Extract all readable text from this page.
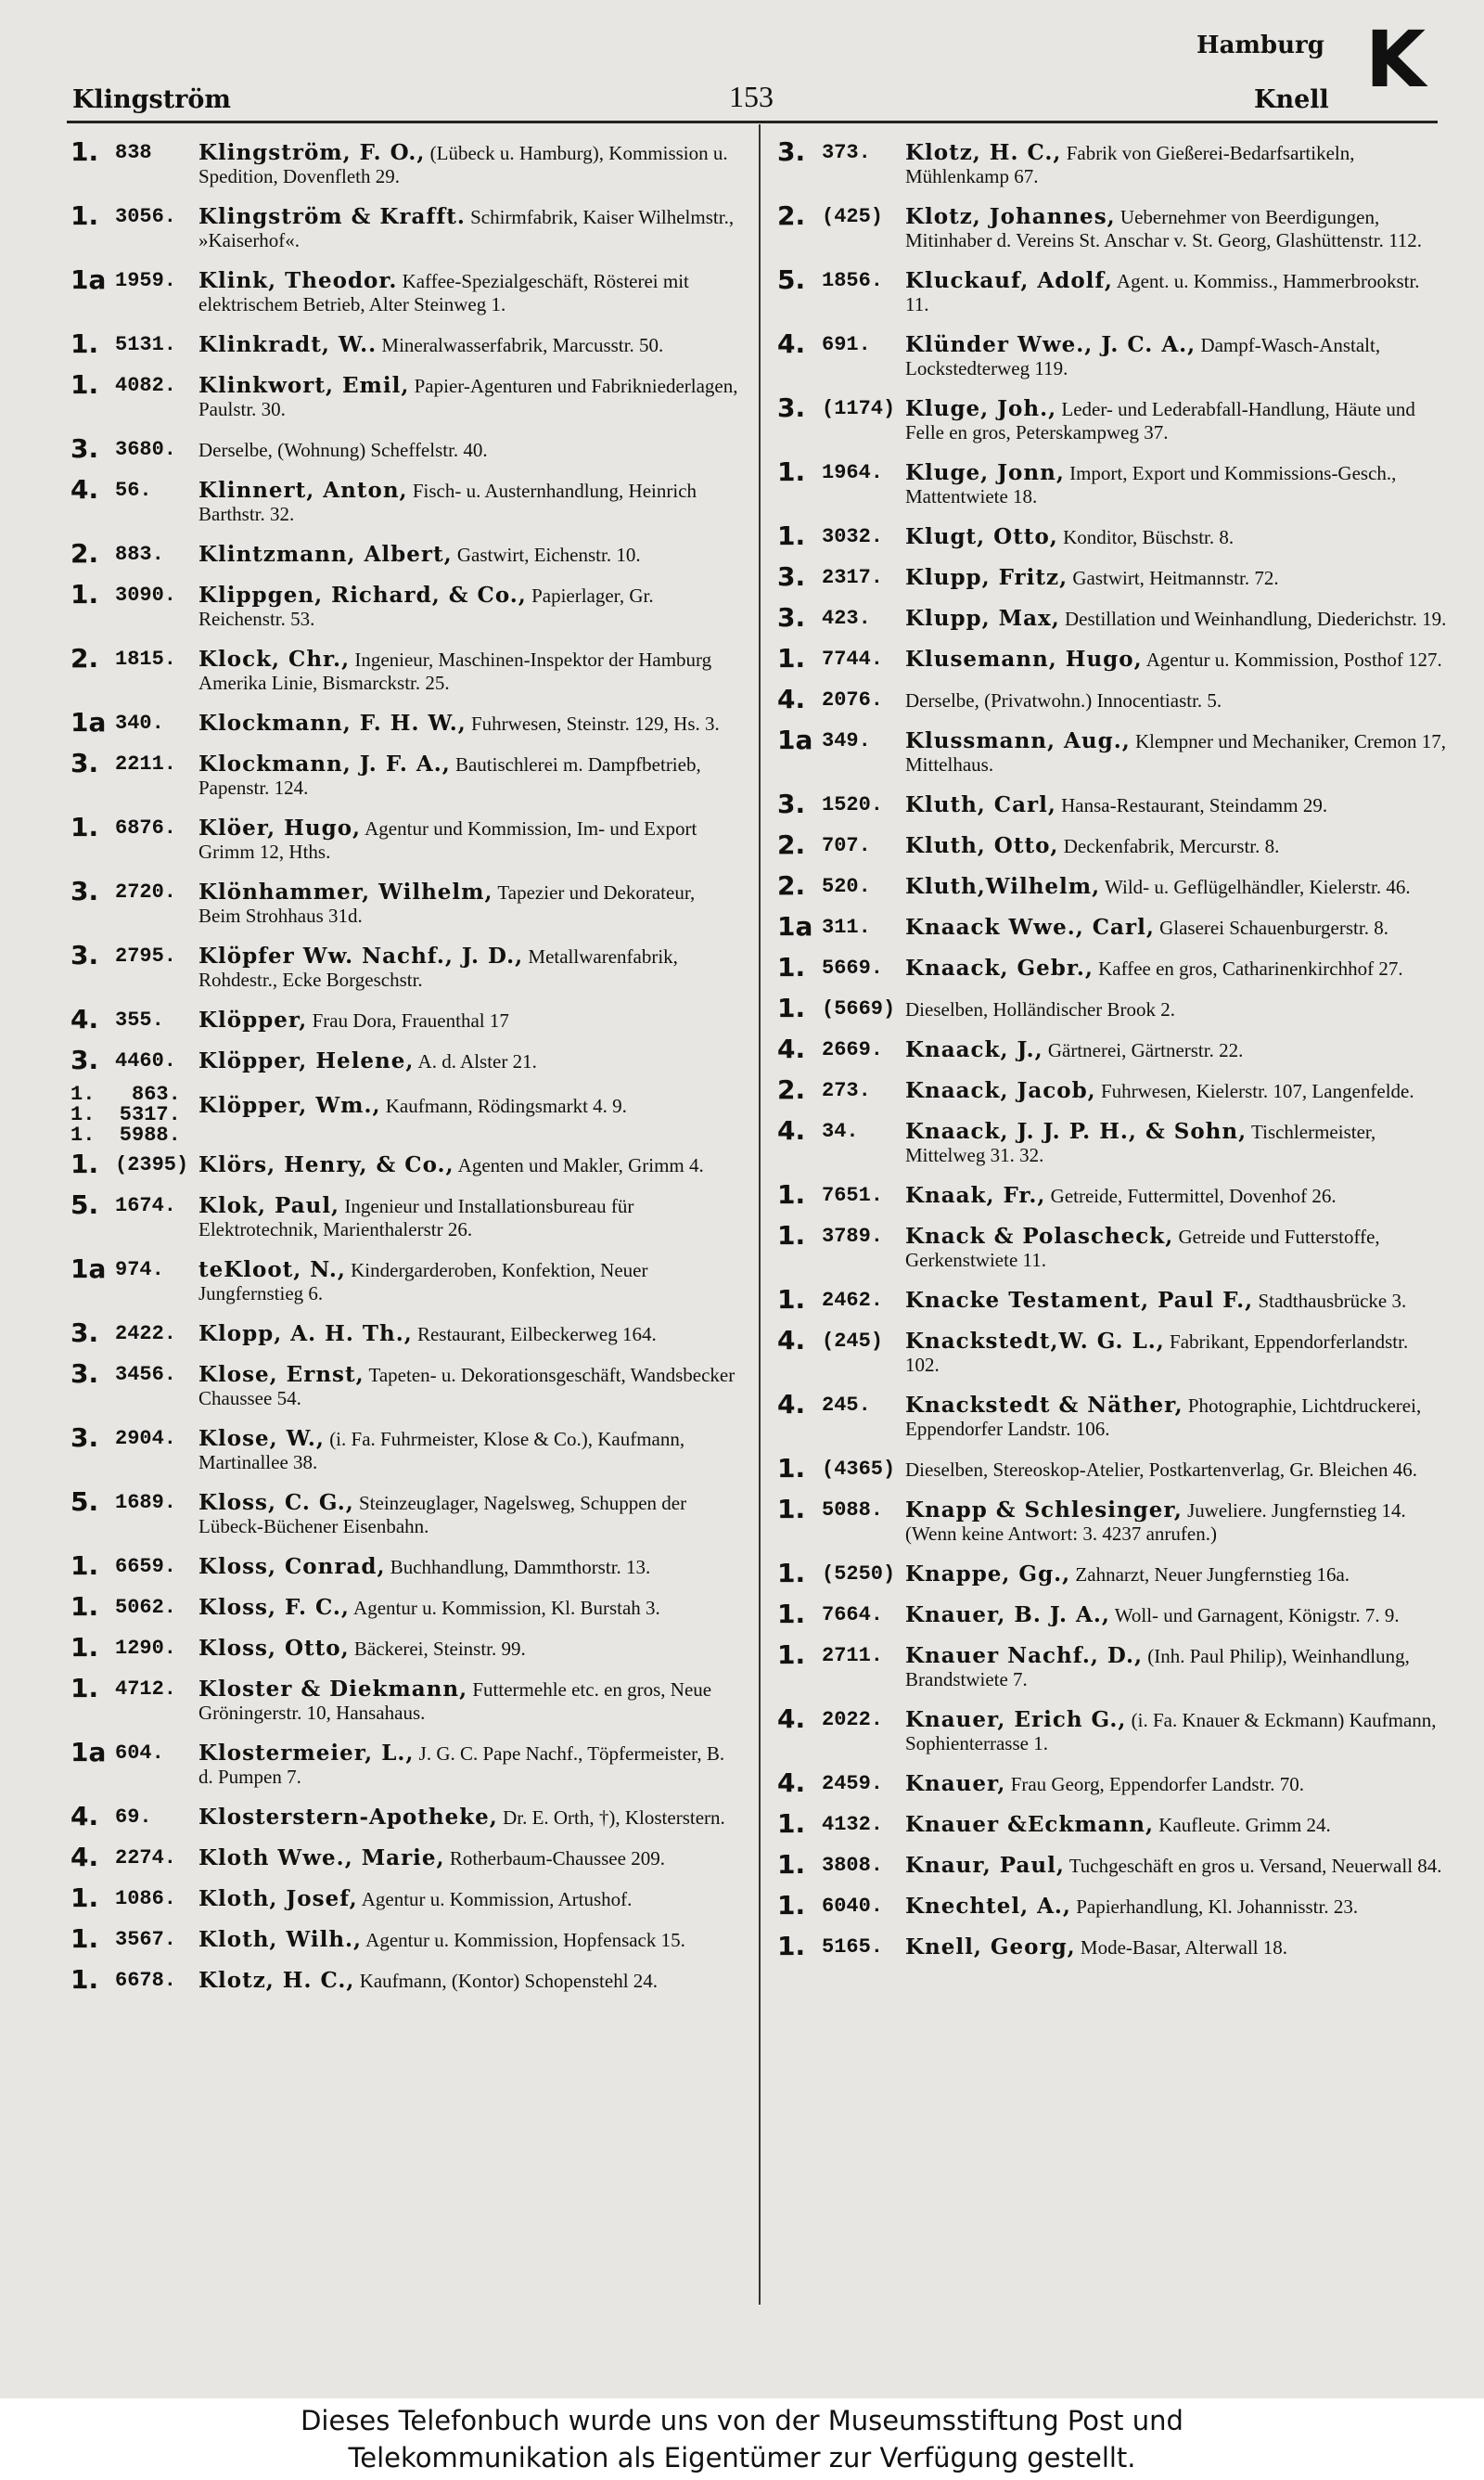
Klingström	153
Hamburg
Knell K
1. 838 Klingström, F. O., (Lübeck u. Hamburg), Kommission u. Spedition, Dovenfleth 29.
1. 3056. Klingström & Krafft. Schirmfabrik, Kaiser Wilhelmstr., »Kaiserhof«.
1a 1959. Klink, Theodor. Kaffee-Spezialgeschäft, Rösterei mit elektrischem Betrieb, Alter Steinweg 1.
1. 5131. Klinkradt, W.. Mineralwasserfabrik, Marcusstr. 50.
1. 4082. Klinkwort, Emil, Papier-Agenturen und Fabrikniederlagen, Paulstr. 30.
3. 3680. Derselbe, (Wohnung) Scheffelstr. 40.
4. 56. Klinnert, Anton, Fisch- u. Austernhandlung, Heinrich Barthstr. 32.
2. 883. Klintzmann, Albert, Gastwirt, Eichenstr. 10.
1. 3090. Klippgen, Richard, & Co., Papierlager, Gr. Reichenstr. 53.
2. 1815. Klock, Chr., Ingenieur, Maschinen-Inspektor der Hamburg Amerika Linie, Bismarckstr. 25.
1a 340. Klockmann, F. H. W., Fuhrwesen, Steinstr. 129, Hs. 3.
3. 2211. Klockmann, J. F. A., Bautischlerei m. Dampfbetrieb, Papenstr. 124.
1. 6876. Klöer, Hugo, Agentur und Kommission, Im- und Export Grimm 12, Hths.
3. 2720. Klönhammer, Wilhelm, Tapezier und Dekorateur, Beim Strohhaus 31d.
3. 2795. Klöpfer Ww. Nachf., J. D., Metallwarenfabrik, Rohdestr., Ecke Borgeschstr.
4. 355. Klöpper, Frau Dora, Frauenthal 17
3. 4460. Klöpper, Helene, A. d. Alster 21.
1.   863.
1.  5317.
1.  5988.
Klöpper, Wm., Kaufmann, Rödingsmarkt 4. 9.
1. (2395) Klörs, Henry, & Co., Agenten und Makler, Grimm 4.
5. 1674. Klok, Paul, Ingenieur und Installationsbureau für Elektrotechnik, Marienthalerstr 26.
1a 974. teKloot, N., Kindergarderoben, Konfektion, Neuer Jungfernstieg 6.
3. 2422. Klopp, A. H. Th., Restaurant, Eilbeckerweg 164.
3. 3456. Klose, Ernst, Tapeten- u. Dekorationsgeschäft, Wandsbecker Chaussee 54.
3. 2904. Klose, W., (i. Fa. Fuhrmeister, Klose & Co.), Kaufmann, Martinallee 38.
5. 1689. Kloss, C. G., Steinzeuglager, Nagelsweg, Schuppen der Lübeck-Büchener Eisenbahn.
1. 6659. Kloss, Conrad, Buchhandlung, Dammthorstr. 13.
1. 5062. Kloss, F. C., Agentur u. Kommission, Kl. Burstah 3.
1. 1290. Kloss, Otto, Bäckerei, Steinstr. 99.
1. 4712. Kloster & Diekmann, Futtermehle etc. en gros, Neue Gröningerstr. 10, Hansahaus.
1a 604. Klostermeier, L., J. G. C. Pape Nachf., Töpfermeister, B. d. Pumpen 7.
4. 69. Klosterstern-Apotheke, Dr. E. Orth, †), Klosterstern.
4. 2274. Kloth Wwe., Marie, Rotherbaum-Chaussee 209.
1. 1086. Kloth, Josef, Agentur u. Kommission, Artushof.
1. 3567. Kloth, Wilh., Agentur u. Kommission, Hopfensack 15.
1. 6678. Klotz, H. C., Kaufmann, (Kontor) Schopenstehl 24.
3. 373. Klotz, H. C., Fabrik von Gießerei-Bedarfsartikeln, Mühlenkamp 67.
2. (425) Klotz, Johannes, Uebernehmer von Beerdigungen, Mitinhaber d. Vereins St. Anschar v. St. Georg, Glashüttenstr. 112.
5. 1856. Kluckauf, Adolf, Agent. u. Kommiss., Hammerbrookstr. 11.
4. 691. Klünder Wwe., J. C. A., Dampf-Wasch-Anstalt, Lockstedterweg 119.
3. (1174) Kluge, Joh., Leder- und Lederabfall-Handlung, Häute und Felle en gros, Peterskampweg 37.
1. 1964. Kluge, Jonn, Import, Export und Kommissions-Gesch., Mattentwiete 18.
1. 3032. Klugt, Otto, Konditor, Büschstr. 8.
3. 2317. Klupp, Fritz, Gastwirt, Heitmannstr. 72.
3. 423. Klupp, Max, Destillation und Weinhandlung, Diederichstr. 19.
1. 7744. Klusemann, Hugo, Agentur u. Kommission, Posthof 127.
4. 2076. Derselbe, (Privatwohn.) Innocentiastr. 5.
1a 349. Klussmann, Aug., Klempner und Mechaniker, Cremon 17, Mittelhaus.
3. 1520. Kluth, Carl, Hansa-Restaurant, Steindamm 29.
2. 707. Kluth, Otto, Deckenfabrik, Mercurstr. 8.
2. 520. Kluth,Wilhelm, Wild- u. Geflügelhändler, Kielerstr. 46.
1a 311. Knaack Wwe., Carl, Glaserei Schauenburgerstr. 8.
1. 5669. Knaack, Gebr., Kaffee en gros, Catharinenkirchhof 27.
1. (5669) Dieselben, Holländischer Brook 2.
4. 2669. Knaack, J., Gärtnerei, Gärtnerstr. 22.
2. 273. Knaack, Jacob, Fuhrwesen, Kielerstr. 107, Langenfelde.
4. 34. Knaack, J. J. P. H., & Sohn, Tischlermeister, Mittelweg 31. 32.
1. 7651. Knaak, Fr., Getreide, Futtermittel, Dovenhof 26.
1. 3789. Knack & Polascheck, Getreide und Futterstoffe, Gerkenstwiete 11.
1. 2462. Knacke Testament, Paul F., Stadthausbrücke 3.
4. (245) Knackstedt,W. G. L., Fabrikant, Eppendorferlandstr. 102.
4. 245. Knackstedt & Näther, Photographie, Lichtdruckerei, Eppendorfer Landstr. 106.
1. (4365) Dieselben, Stereoskop-Atelier, Postkartenverlag, Gr. Bleichen 46.
1. 5088. Knapp & Schlesinger, Juweliere. Jungfernstieg 14. (Wenn keine Antwort: 3. 4237 anrufen.)
1. (5250) Knappe, Gg., Zahnarzt, Neuer Jungfernstieg 16a.
1. 7664. Knauer, B. J. A., Woll- und Garnagent, Königstr. 7. 9.
1. 2711. Knauer Nachf., D., (Inh. Paul Philip), Weinhandlung, Brandstwiete 7.
4. 2022. Knauer, Erich G., (i. Fa. Knauer & Eckmann) Kaufmann, Sophienterrasse 1.
4. 2459. Knauer, Frau Georg, Eppendorfer Landstr. 70.
1. 4132. Knauer &Eckmann, Kaufleute. Grimm 24.
1. 3808. Knaur, Paul, Tuchgeschäft en gros u. Versand, Neuerwall 84.
1. 6040. Knechtel, A., Papierhandlung, Kl. Johannisstr. 23.
1. 5165. Knell, Georg, Mode-Basar, Alterwall 18.
Dieses Telefonbuch wurde uns von der Museumsstiftung Post und
Telekommunikation als Eigentümer zur Verfügung gestellt.
